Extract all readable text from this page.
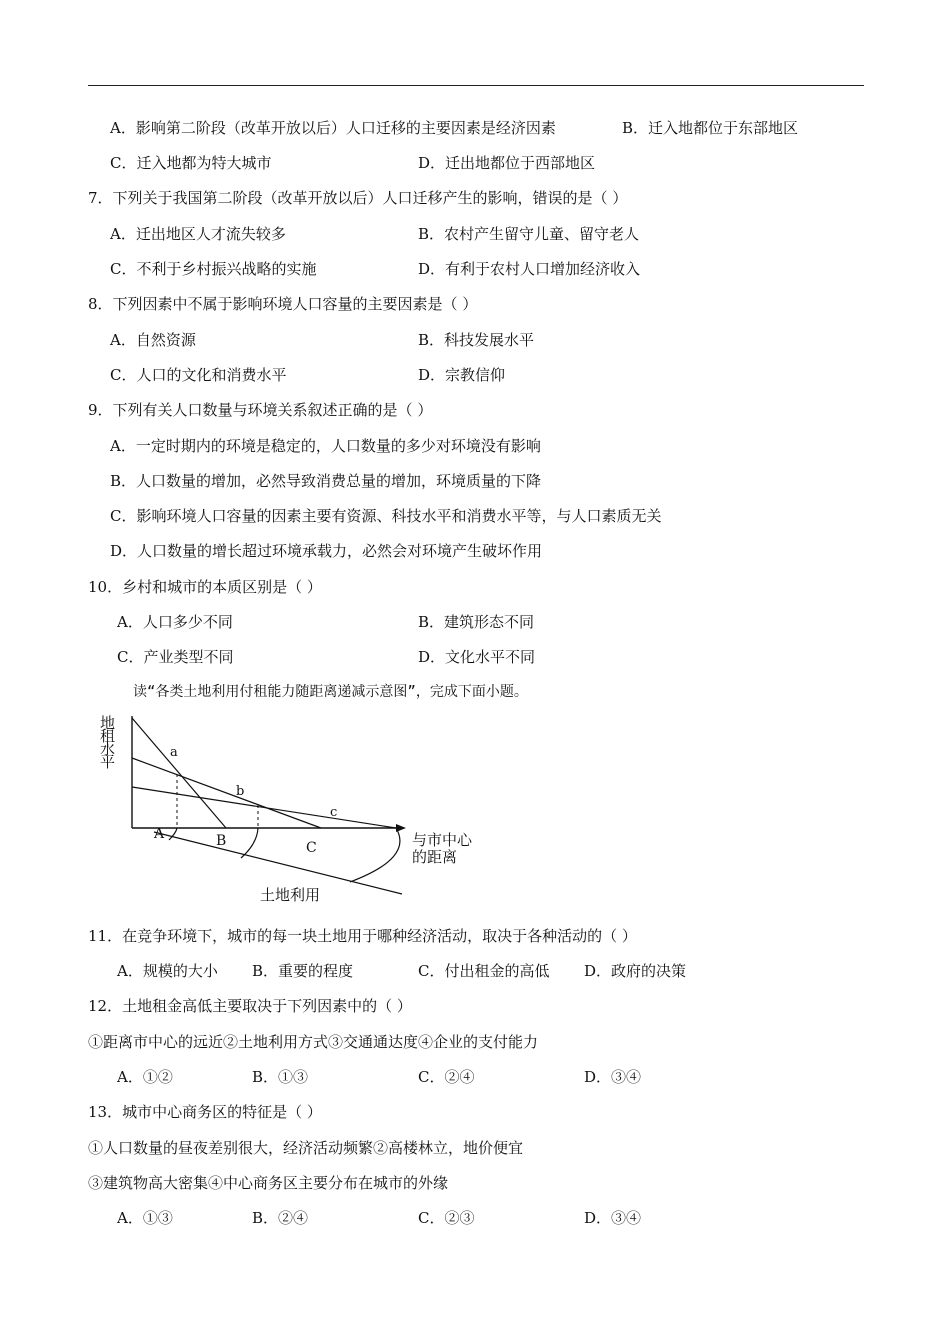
A．影响第二阶段（改革开放以后）人口迁移的主要因素是经济因素	B．迁入地都位于东部地区
C．迁入地都为特大城市	D．迁出地都位于西部地区
7．下列关于我国第二阶段（改革开放以后）人口迁移产生的影响，错误的是（ ）
A．迁出地区人才流失较多	B．农村产生留守儿童、留守老人
C．不利于乡村振兴战略的实施	D．有利于农村人口增加经济收入
8．下列因素中不属于影响环境人口容量的主要因素是（ ）
A．自然资源	B．科技发展水平
C．人口的文化和消费水平	D．宗教信仰
9．下列有关人口数量与环境关系叙述正确的是（ ）
A．一定时期内的环境是稳定的，人口数量的多少对环境没有影响
B．人口数量的增加，必然导致消费总量的增加，环境质量的下降
C．影响环境人口容量的因素主要有资源、科技水平和消费水平等，与人口素质无关
D．人口数量的增长超过环境承载力，必然会对环境产生破坏作用
10．乡村和城市的本质区别是（ ）
A．人口多少不同	B．建筑形态不同
C．产业类型不同	D．文化水平不同
读“各类土地利用付租能力随距离递减示意图”，完成下面小题。
地
租
水
平
a
b
c
A	B	C	与市中心
的距离
土地利用
11．在竞争环境下，城市的每一块土地用于哪种经济活动，取决于各种活动的（ ）
A．规模的大小 B．重要的程度	C．付出租金的高低 D．政府的决策
12．土地租金高低主要取决于下列因素中的（ ）
①距离市中心的远近②土地利用方式③交通通达度④企业的支付能力
A．①②	B．①③	C．②④	D．③④
13．城市中心商务区的特征是（ ）
①人口数量的昼夜差别很大，经济活动频繁②高楼林立，地价便宜
③建筑物高大密集④中心商务区主要分布在城市的外缘
A．①③	B．②④	C．②③	D．③④
